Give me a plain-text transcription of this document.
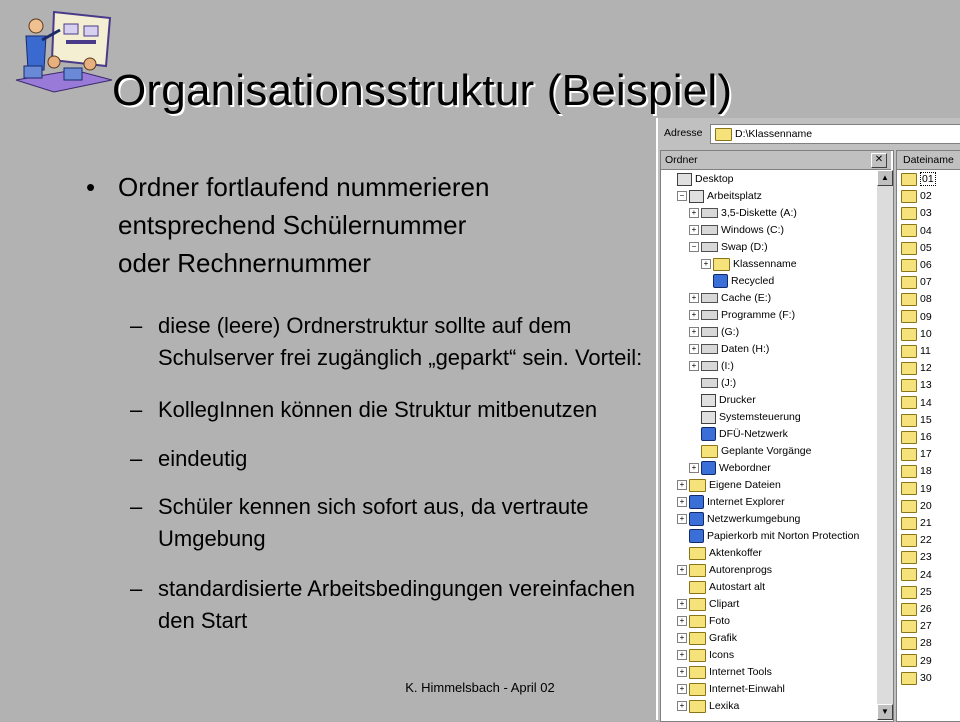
Organisationsstruktur (Beispiel)
Adresse	D:\Klassenname
Ordner	✕
Desktop
− Arbeitsplatz
+ 3,5-Diskette (A:)
+ Windows (C:)
− Swap (D:)
+ Klassenname
Recycled
+ Cache (E:)
+ Programme (F:)
+ (G:)
+ Daten (H:)
+ (I:)
(J:)
Drucker
Systemsteuerung
DFÜ-Netzwerk
Geplante Vorgänge
+ Webordner
+ Eigene Dateien
+ Internet Explorer
+ Netzwerkumgebung
Papierkorb mit Norton Protection
Aktenkoffer
+ Autorenprogs
Autostart alt
+ Clipart
+ Foto
+ Grafik
+ Icons
+ Internet Tools
+ Internet-Einwahl
+ Lexika
▲
▼
Dateiname
01
02
03
04
05
06
07
08
09
10
11
12
13
14
15
16
17
18
19
20
21
22
23
24
25
26
27
28
29
30
• Ordner fortlaufend nummerieren
entsprechend Schülernummer
oder Rechnernummer
– diese (leere) Ordnerstruktur sollte auf dem
Schulserver frei zugänglich „geparkt“ sein. Vorteil:
– KollegInnen können die Struktur mitbenutzen
– eindeutig
– Schüler kennen sich sofort aus, da vertraute
Umgebung
– standardisierte Arbeitsbedingungen vereinfachen
den Start
K. Himmelsbach - April 02
